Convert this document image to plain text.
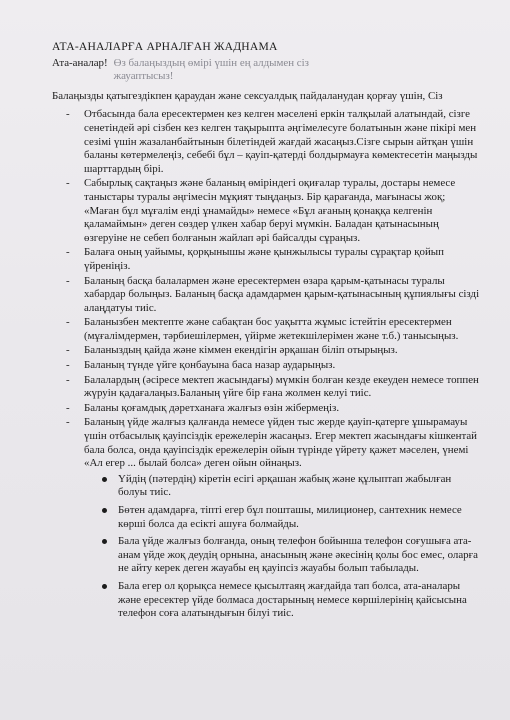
АТА-АНАЛАРҒА АРНАЛҒАН ЖАДНАМА
Ата-аналар! Өз балаңыздың өмірі үшін ең алдымен сіз жауаптысыз!

Балаңызды қатыгездікпен қараудан және сексуалдық пайдаланудан қорғау үшін, Сіз

- Отбасында бала ересектермен кез келген мәселені еркін талқылай алатындай, сізге сенетіндей әрі сізбен кез келген тақырыпта әңгімелесуге болатынын және пікірі мен сезімі үшін жазаланбайтынын білетіндей жағдай жасаңыз.Сізге сырын айтқан үшін баланы көтермелеңіз, себебі бұл – қауіп-қатерді болдырмауға көмектесетін маңызды шарттардың бірі.
- Сабырлық сақтаңыз және баланың өміріндегі оқиғалар туралы, достары немесе таныстары туралы әңгімесін мұқият тыңдаңыз. Бір қарағанда, мағынасы жоқ; «Маған бұл мұғалім енді ұнамайды» немесе «Бұл ағаның қонаққа келгенін қаламаймын» деген сөздер үлкен хабар беруі мүмкін. Баладан қатынасының өзгеруіне не себеп болғанын жайлап әрі байсалды сұраңыз.
- Балаға оның уайымы, қорқынышы және қынжылысы туралы сұрақтар қойып үйреніңіз.
- Баланың басқа балалармен және ересектермен өзара қарым-қатынасы туралы хабардар болыңыз. Баланың басқа адамдармен қарым-қатынасының құпиялығы сізді алаңдатуы тиіс.
- Баланызбен мектепте және сабақтан бос уақытта жұмыс істейтін ересектермен (мұғалімдермен, тәрбиешілермен, үйірме жетекшілерімен және т.б.) танысыңыз.
- Баланыздың қайда және кіммен екендігін әрқашан біліп отырыңыз.
- Баланың түнде үйге қонбауына баса назар аударыңыз.
- Балалардың (әсіресе мектеп жасындағы) мүмкін болған кезде екеуден немесе топпен жүруін қадағалаңыз.Баланың үйге бір ғана жолмен келуі тиіс.
- Баланы қоғамдық дәретханаға жалғыз өзін жібермеңіз.
- Баланың үйде жалғыз қалғанда немесе үйден тыс жерде қауіп-қатерге ұшырамауы үшін отбасылық қауіпсіздік ережелерін жасаңыз. Егер мектеп жасындағы кішкентай бала болса, онда қауіпсіздік ережелерін ойын түрінде үйрету қажет мәселен, үнемі «Ал егер ... былай болса» деген ойын ойнаңыз.
Үйдің (пәтердің) кіретін есігі әрқашан жабық және құлыптап жабылған болуы тиіс.
Бөтен адамдарға, тіпті егер бұл пошташы, милиционер, сантехник немесе көрші болса да есікті ашуға болмайды.
Бала үйде жалғыз болғанда, оның телефон бойынша телефон соғушыға ата-анам үйде жоқ деудің орнына, анасының және әкесінің қолы бос емес, оларға не айту керек деген жауабы ең қауіпсіз жауабы болып табылады.
Бала егер ол қорықса немесе қысылтаяң жағдайда тап болса, ата-аналары және ересектер үйде болмаса достарының немесе көршілерінің қайсысына телефон соға алатындығын білуі тиіс.
